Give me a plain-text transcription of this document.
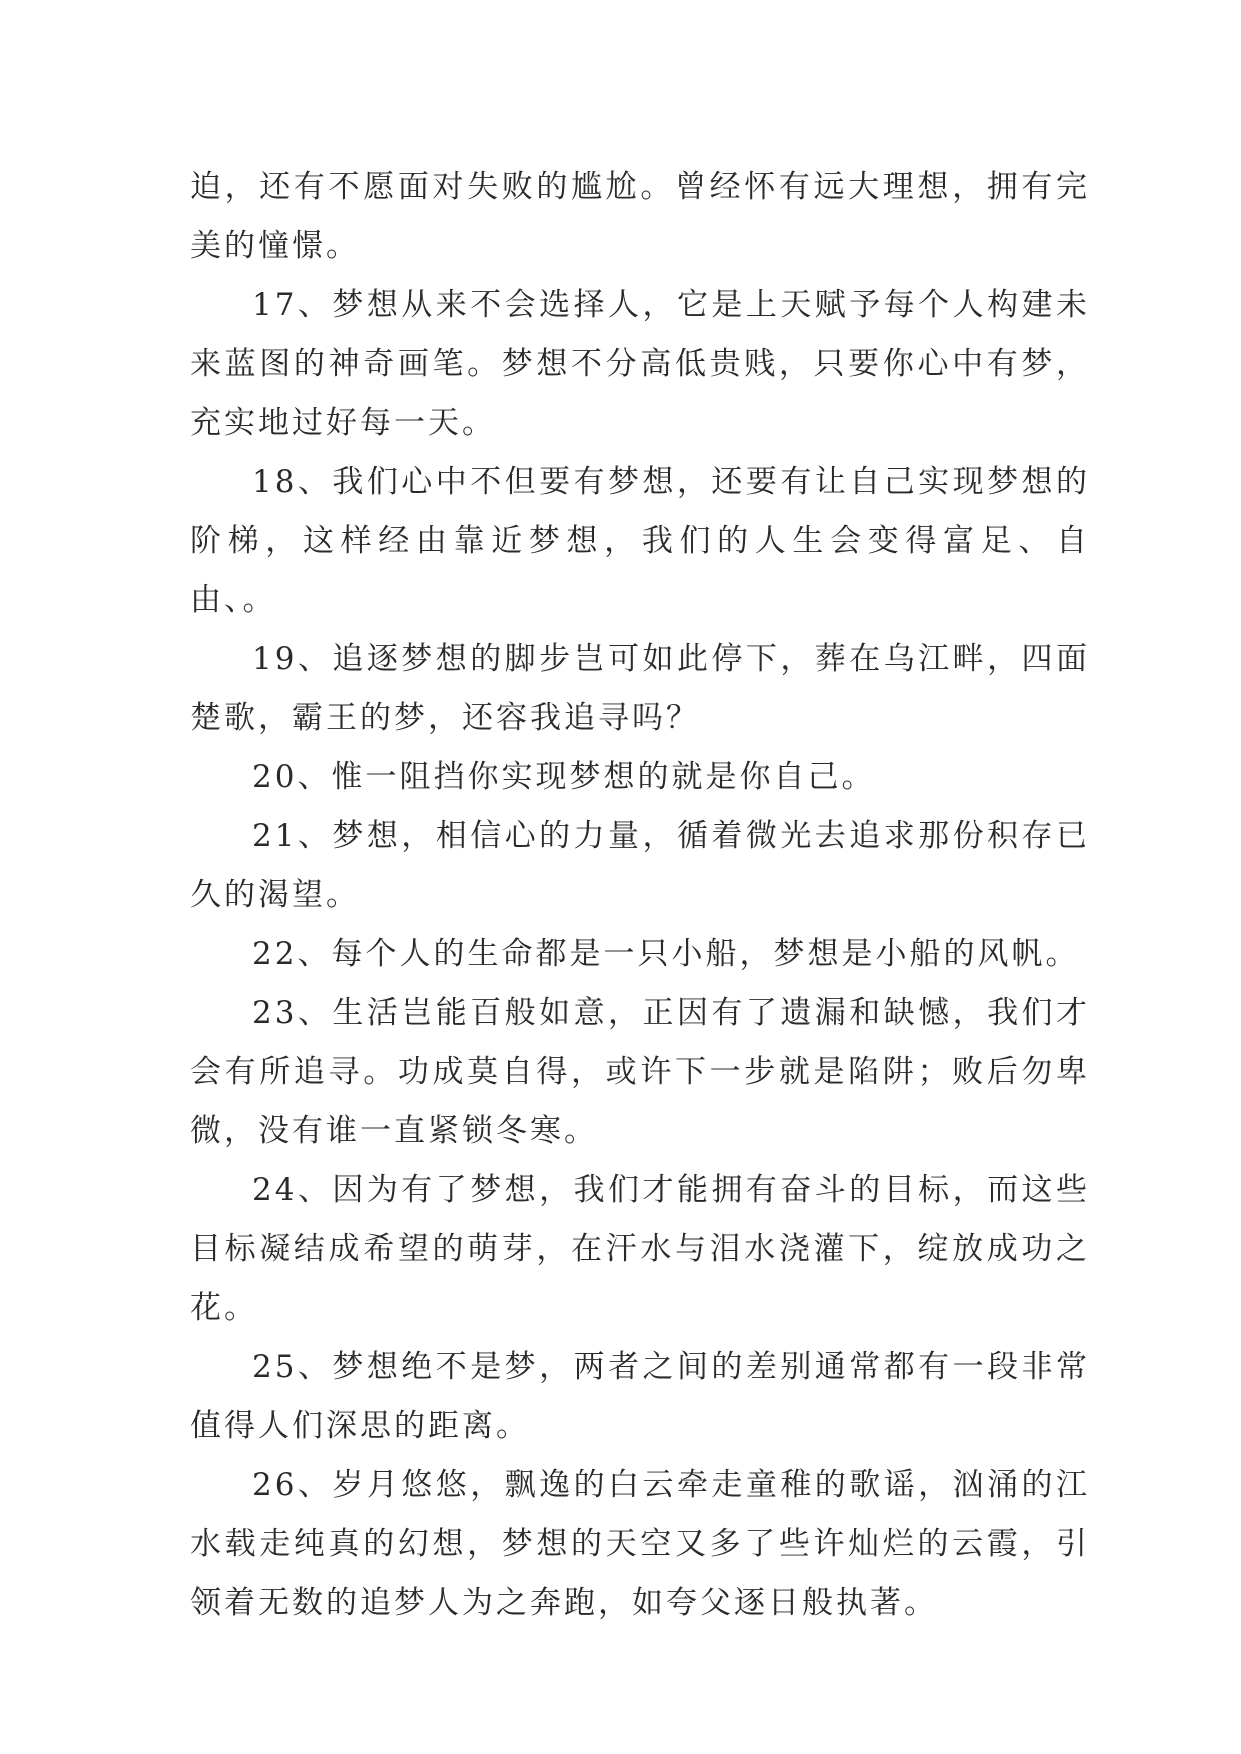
迫，还有不愿面对失败的尴尬。曾经怀有远大理想，拥有完美的憧憬。

17、梦想从来不会选择人，它是上天赋予每个人构建未来蓝图的神奇画笔。梦想不分高低贵贱，只要你心中有梦，充实地过好每一天。

18、我们心中不但要有梦想，还要有让自己实现梦想的阶梯，这样经由靠近梦想，我们的人生会变得富足、自由、。

19、追逐梦想的脚步岂可如此停下，葬在乌江畔，四面楚歌，霸王的梦，还容我追寻吗？

20、惟一阻挡你实现梦想的就是你自己。

21、梦想，相信心的力量，循着微光去追求那份积存已久的渴望。

22、每个人的生命都是一只小船，梦想是小船的风帆。

23、生活岂能百般如意，正因有了遗漏和缺憾，我们才会有所追寻。功成莫自得，或许下一步就是陷阱；败后勿卑微，没有谁一直紧锁冬寒。

24、因为有了梦想，我们才能拥有奋斗的目标，而这些目标凝结成希望的萌芽，在汗水与泪水浇灌下，绽放成功之花。

25、梦想绝不是梦，两者之间的差别通常都有一段非常值得人们深思的距离。

26、岁月悠悠，飘逸的白云牵走童稚的歌谣，汹涌的江水载走纯真的幻想，梦想的天空又多了些许灿烂的云霞，引领着无数的追梦人为之奔跑，如夸父逐日般执著。
